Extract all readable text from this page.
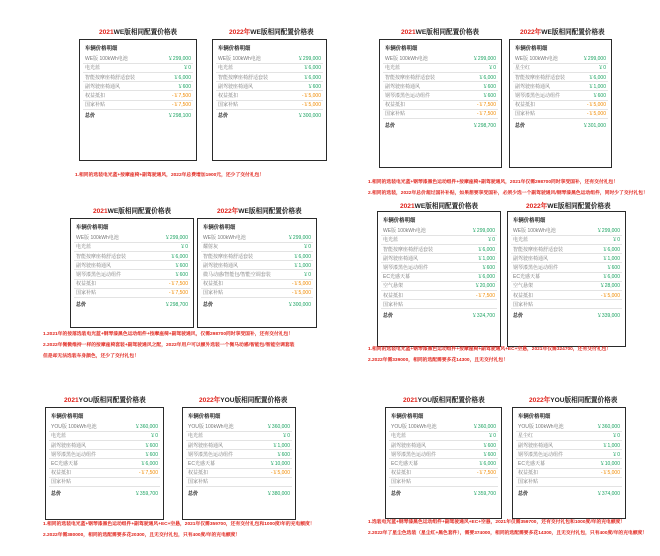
2021WE版相同配置价格表	2022年WE版相同配置价格表
车辆价格明细
WE版 100kWh电池	￥299,000
电光蓝	￥0
智能按摩座椅舒适套装	￥6,000
副驾驶座椅通风	￥600
权益抵扣	-￥7,500
国家补贴	-￥7,500
总价	￥298,100
车辆价格明细
WE版 100kWh电池	￥299,000
电光蓝	￥6,000
智能按摩座椅舒适套装	￥6,000
副驾驶座椅通风	￥600
权益抵扣	-￥5,000
国家补贴	-￥5,000
总价	￥300,000
1.相同的选装电光蓝+按摩座椅+副驾驶通风，2022年总费增加1900元，还少了交付礼包！
2021WE版相同配置价格表	2022年WE版相同配置价格表
车辆价格明细
WE版 100kWh电池	￥299,000
电光蓝	￥0
智能按摩座椅舒适套装	￥6,000
副驾驶座椅通风	￥600
钢琴漆黑色运动组件	￥600
权益抵扣	-￥7,500
国家补贴	-￥7,500
总价	￥298,700
车辆价格明细
WE版 100kWh电池	￥299,000
星尘红	￥0
智能按摩座椅舒适套装	￥6,000
副驾驶座椅通风	￥1,000
钢琴漆黑色运动组件	￥600
权益抵扣	-￥5,000
国家补贴	-￥5,000
总价	￥301,000
1.相同的选装电光蓝+钢琴漆黑色运动组件+按摩座椅+副驾驶通风，2021年仅需298700同时享受国补，还有交付礼包！
2.相同的选装，2022年总价超过国补补贴，如果想要享受国补，必须少选一个副驾驶通风/钢琴漆黑色运动组件，同时少了交付礼包！
2021WE版相同配置价格表	2022年WE版相同配置价格表
车辆价格明细
WE版 100kWh电池	￥299,000
电光蓝	￥0
智能按摩座椅舒适套装	￥6,000
副驾驶座椅通风	￥600
钢琴漆黑色运动组件	￥600
权益抵扣	-￥7,500
国家补贴	-￥7,500
总价	￥298,700
车辆价格明细
WE版 100kWh电池	￥299,000
耀射灰	￥0
智能按摩座椅舒适套装	￥6,000
副驾驶座椅通风	￥1,000
微马动感/智能包/智能空调套装	￥0
权益抵扣	-￥5,000
国家补贴	-￥5,000
总价	￥300,000
1.2021年的按落选装电光蓝+钢琴漆黑色运动组件+按摩座椅+副驾驶通风，仅需298700同时享受国补，还有交付礼包！
2.2022年微微维持一样的按摩座椅套装+副驾驶通风之配，2022年用户可以额外选装一个微马动感/智能包/智能空调套装
但是却无法选装车身颜色，还少了交付礼包！
2021WE版相同配置价格表	2022年WE版相同配置价格表
车辆价格明细
WE版 100kWh电池	￥299,000
电光蓝	￥0
智能按摩座椅舒适套装	￥6,000
副驾驶座椅通风	￥1,000
钢琴漆黑色运动组件	￥600
EC光感天幕	￥6,000
空气悬架	￥20,000
权益抵扣	-￥7,500
国家补贴
总价	￥324,700
车辆价格明细
WE版 100kWh电池	￥299,000
电光蓝	￥0
智能按摩座椅舒适套装	￥6,000
副驾驶座椅通风	￥1,000
钢琴漆黑色运动组件	￥600
EC光感天幕	￥6,000
空气悬架	￥28,000
权益抵扣	-￥5,000
国家补贴
总价	￥339,000
1.相同的选装电光蓝+钢琴漆黑色运动组件+按摩座椅+副驾驶通风+EC+空悬，2021年仅需324700，还有交付礼包！
2.2022年需339000，相同的选配需要多花14300，且无交付礼包！
2021YOU版相同配置价格表	2022年YOU版相同配置价格表
车辆价格明细
YOU版 100kWh电池	￥360,000
电光蓝	￥0
副驾驶座椅通风	￥600
钢琴漆黑色运动组件	￥600
EC光感天幕	￥6,000
权益抵扣	-￥7,500
国家补贴
总价	￥359,700
车辆价格明细
YOU版 100kWh电池	￥360,000
电光蓝	￥0
副驾驶座椅通风	￥1,000
钢琴漆黑色运动组件	￥600
EC光感天幕	￥10,000
权益抵扣	-￥5,000
国家补贴
总价	￥380,000
1.相同的选装电光蓝+钢琴漆黑色运动组件+副驾驶通风+EC+空悬，2021年仅需359700，还有交付礼包和1000度/年的充电额度！
2.2022年需380000，相同的选配需要多花20300，且无交付礼包，只有400度/年的充电额度！
2021YOU版相同配置价格表	2022年YOU版相同配置价格表
车辆价格明细
YOU版 100kWh电池	￥360,000
电光蓝	￥0
副驾驶座椅通风	￥600
钢琴漆黑色运动组件	￥600
EC光感天幕	￥6,000
权益抵扣	-￥7,500
国家补贴
总价	￥359,700
车辆价格明细
YOU版 100kWh电池	￥360,000
星尘红	￥0
副驾驶座椅通风	￥1,000
钢琴漆黑色运动组件	￥0
EC光感天幕	￥10,000
权益抵扣	-￥5,000
国家补贴
总价	￥374,000
1.选装电光蓝+钢琴漆黑色运动组件+副驾驶通风+EC+空悬，2021年仅需359700，还有交付礼包和1000度/年的充电额度！
2.2022年了星尘色选装（星尘红+黑色套件），需要374000，相同的选配需要多花14300，且无交付礼包，只有400度/年的充电额度！
